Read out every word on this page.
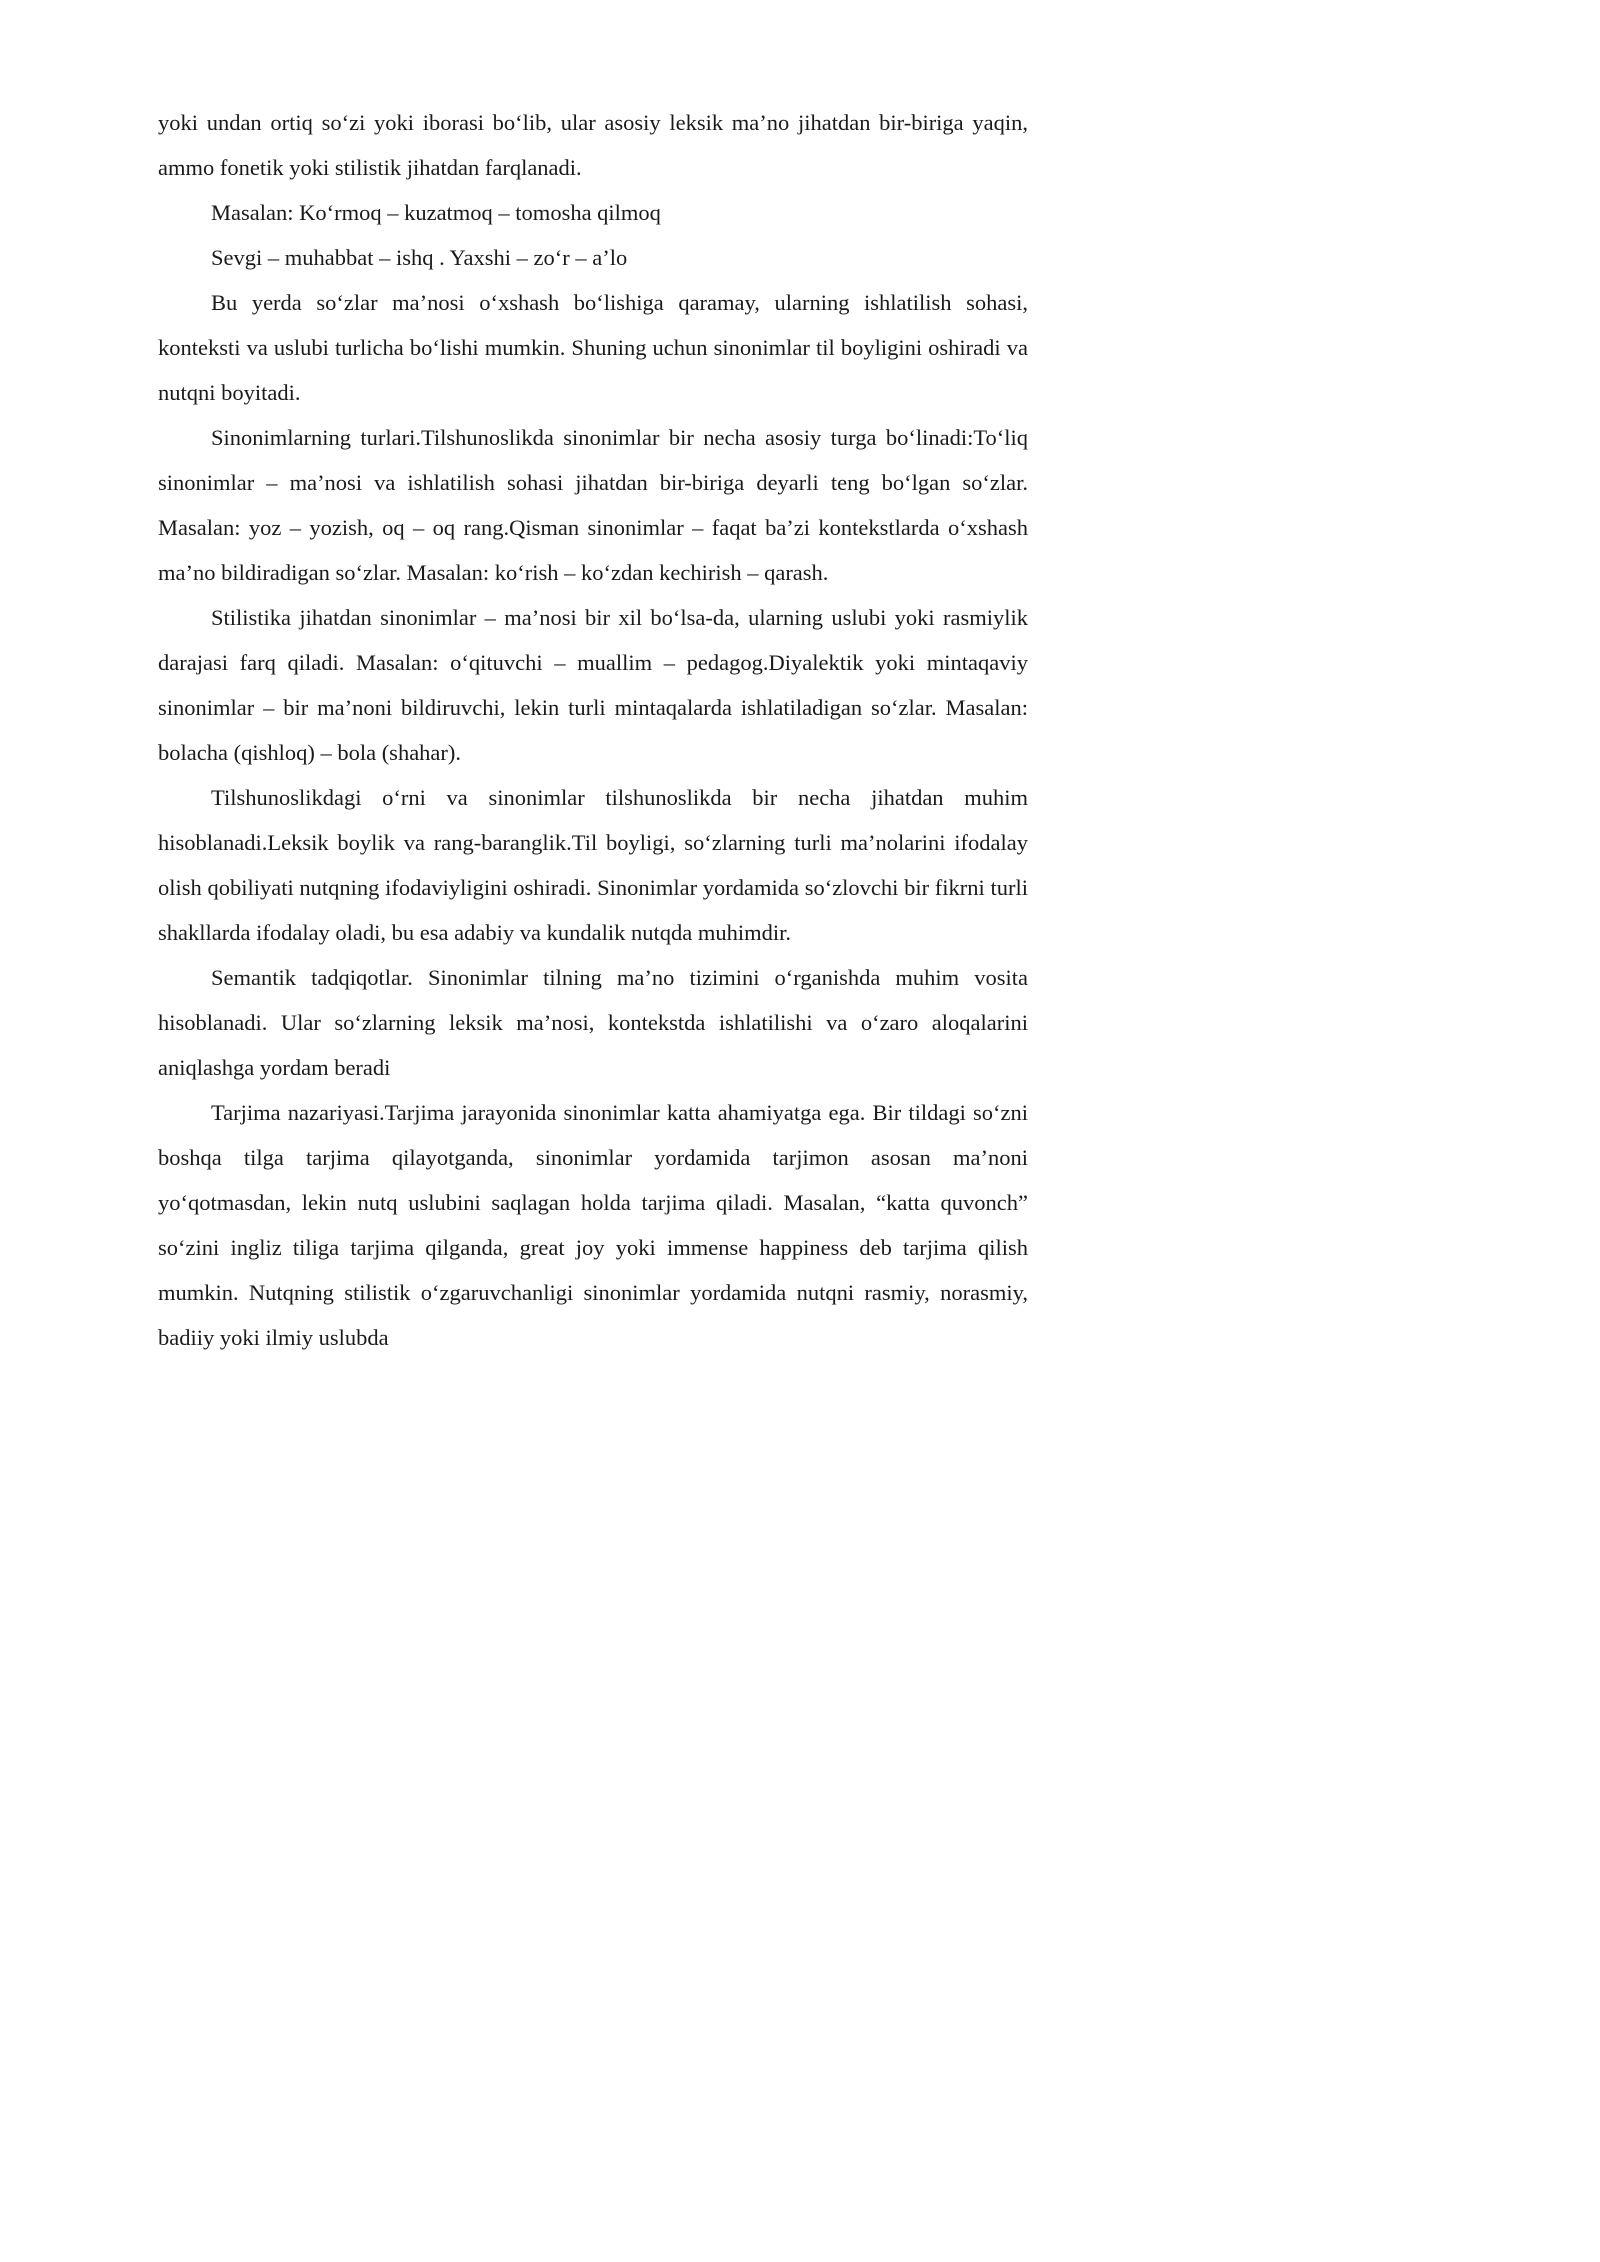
yoki undan ortiq so‘zi yoki iborasi bo‘lib, ular asosiy leksik ma’no jihatdan bir-biriga yaqin, ammo fonetik yoki stilistik jihatdan farqlanadi.

Masalan: Ko‘rmoq – kuzatmoq – tomosha qilmoq

Sevgi – muhabbat – ishq . Yaxshi – zo‘r – a’lo

Bu yerda so‘zlar ma’nosi o‘xshash bo‘lishiga qaramay, ularning ishlatilish sohasi, konteksti va uslubi turlicha bo‘lishi mumkin. Shuning uchun sinonimlar til boyligini oshiradi va nutqni boyitadi.

Sinonimlarning turlari.Tilshunoslikda sinonimlar bir necha asosiy turga bo‘linadi:To‘liq sinonimlar – ma’nosi va ishlatilish sohasi jihatdan bir-biriga deyarli teng bo‘lgan so‘zlar. Masalan: yoz – yozish, oq – oq rang.Qisman sinonimlar – faqat ba’zi kontekstlarda o‘xshash ma’no bildiradigan so‘zlar. Masalan: ko‘rish – ko‘zdan kechirish – qarash.

Stilistika jihatdan sinonimlar – ma’nosi bir xil bo‘lsa-da, ularning uslubi yoki rasmiylik darajasi farq qiladi. Masalan: o‘qituvchi – muallim – pedagog.Diyalektik yoki mintaqaviy sinonimlar – bir ma’noni bildiruvchi, lekin turli mintaqalarda ishlatiladigan so‘zlar. Masalan: bolacha (qishloq) – bola (shahar).

Tilshunoslikdagi o‘rni va sinonimlar tilshunoslikda bir necha jihatdan muhim hisoblanadi.Leksik boylik va rang-baranglik.Til boyligi, so‘zlarning turli ma’nolarini ifodalay olish qobiliyati nutqning ifodaviyligini oshiradi. Sinonimlar yordamida so‘zlovchi bir fikrni turli shakllarda ifodalay oladi, bu esa adabiy va kundalik nutqda muhimdir.

Semantik tadqiqotlar. Sinonimlar tilning ma’no tizimini o‘rganishda muhim vosita hisoblanadi. Ular so‘zlarning leksik ma’nosi, kontekstda ishlatilishi va o‘zaro aloqalarini aniqlashga yordam beradi

Tarjima nazariyasi.Tarjima jarayonida sinonimlar katta ahamiyatga ega. Bir tildagi so‘zni boshqa tilga tarjima qilayotganda, sinonimlar yordamida tarjimon asosan ma’noni yo‘qotmasdan, lekin nutq uslubini saqlagan holda tarjima qiladi. Masalan, “katta quvonch” so‘zini ingliz tiliga tarjima qilganda, great joy yoki immense happiness deb tarjima qilish mumkin. Nutqning stilistik o‘zgaruvchanligi sinonimlar yordamida nutqni rasmiy, norasmiy, badiiy yoki ilmiy uslubda
